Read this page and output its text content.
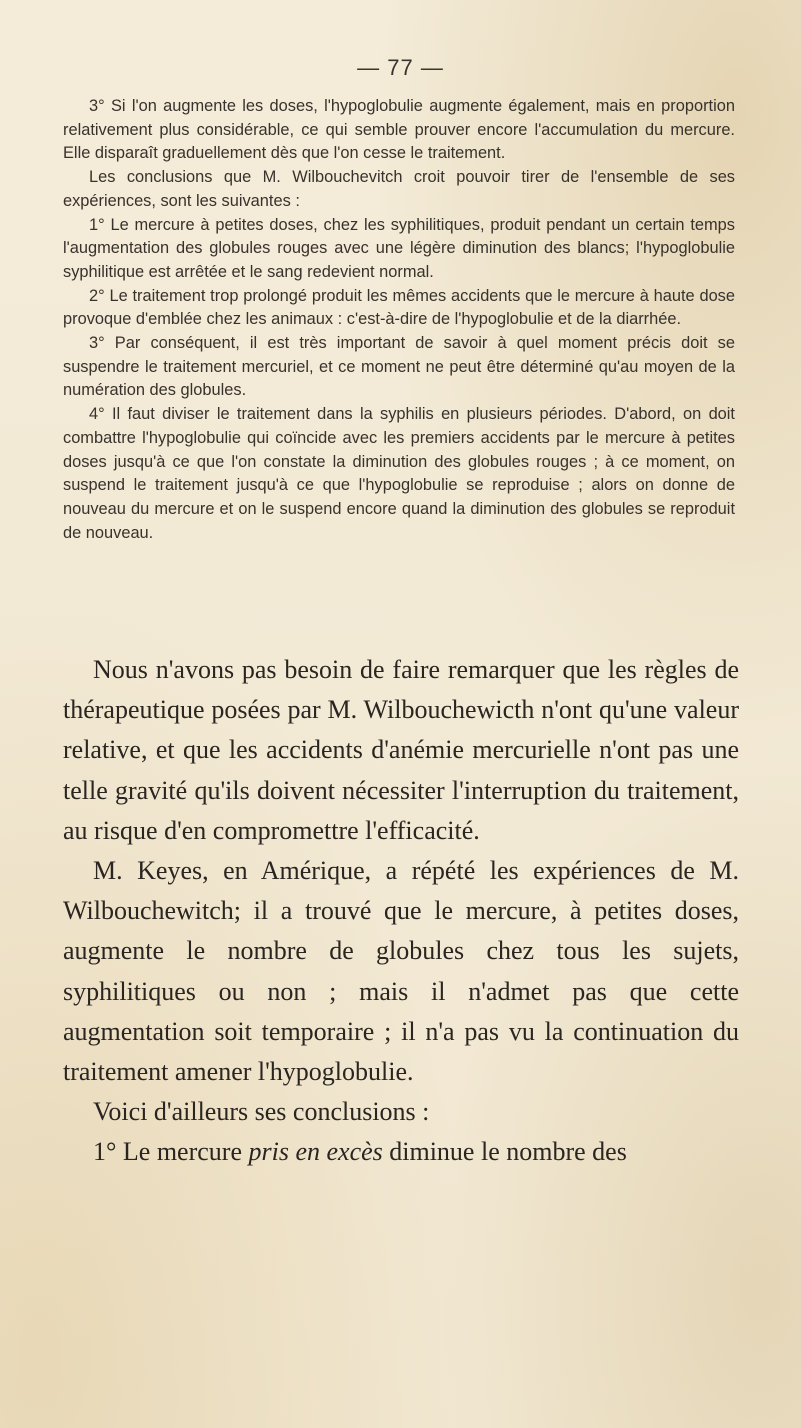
— 77 —

3° Si l'on augmente les doses, l'hypoglobulie augmente également, mais en proportion relativement plus considérable, ce qui semble prouver encore l'accumulation du mercure. Elle disparaît graduellement dès que l'on cesse le traitement.

Les conclusions que M. Wilbouchevitch croit pouvoir tirer de l'ensemble de ses expériences, sont les suivantes :

1° Le mercure à petites doses, chez les syphilitiques, produit pendant un certain temps l'augmentation des globules rouges avec une légère diminution des blancs; l'hypoglobulie syphilitique est arrêtée et le sang redevient normal.

2° Le traitement trop prolongé produit les mêmes accidents que le mercure à haute dose provoque d'emblée chez les animaux : c'est-à-dire de l'hypoglobulie et de la diarrhée.

3° Par conséquent, il est très important de savoir à quel moment précis doit se suspendre le traitement mercuriel, et ce moment ne peut être déterminé qu'au moyen de la numération des globules.

4° Il faut diviser le traitement dans la syphilis en plusieurs périodes. D'abord, on doit combattre l'hypoglobulie qui coïncide avec les premiers accidents par le mercure à petites doses jusqu'à ce que l'on constate la diminution des globules rouges ; à ce moment, on suspend le traitement jusqu'à ce que l'hypoglobulie se reproduise ; alors on donne de nouveau du mercure et on le suspend encore quand la diminution des globules se reproduit de nouveau.

Nous n'avons pas besoin de faire remarquer que les règles de thérapeutique posées par M. Wilbouchewicth n'ont qu'une valeur relative, et que les accidents d'anémie mercurielle n'ont pas une telle gravité qu'ils doivent nécessiter l'interruption du traitement, au risque d'en compromettre l'efficacité.

M. Keyes, en Amérique, a répété les expériences de M. Wilbouchewitch; il a trouvé que le mercure, à petites doses, augmente le nombre de globules chez tous les sujets, syphilitiques ou non ; mais il n'admet pas que cette augmentation soit temporaire ; il n'a pas vu la continuation du traitement amener l'hypoglobulie.

Voici d'ailleurs ses conclusions :

1° Le mercure pris en excès diminue le nombre des
